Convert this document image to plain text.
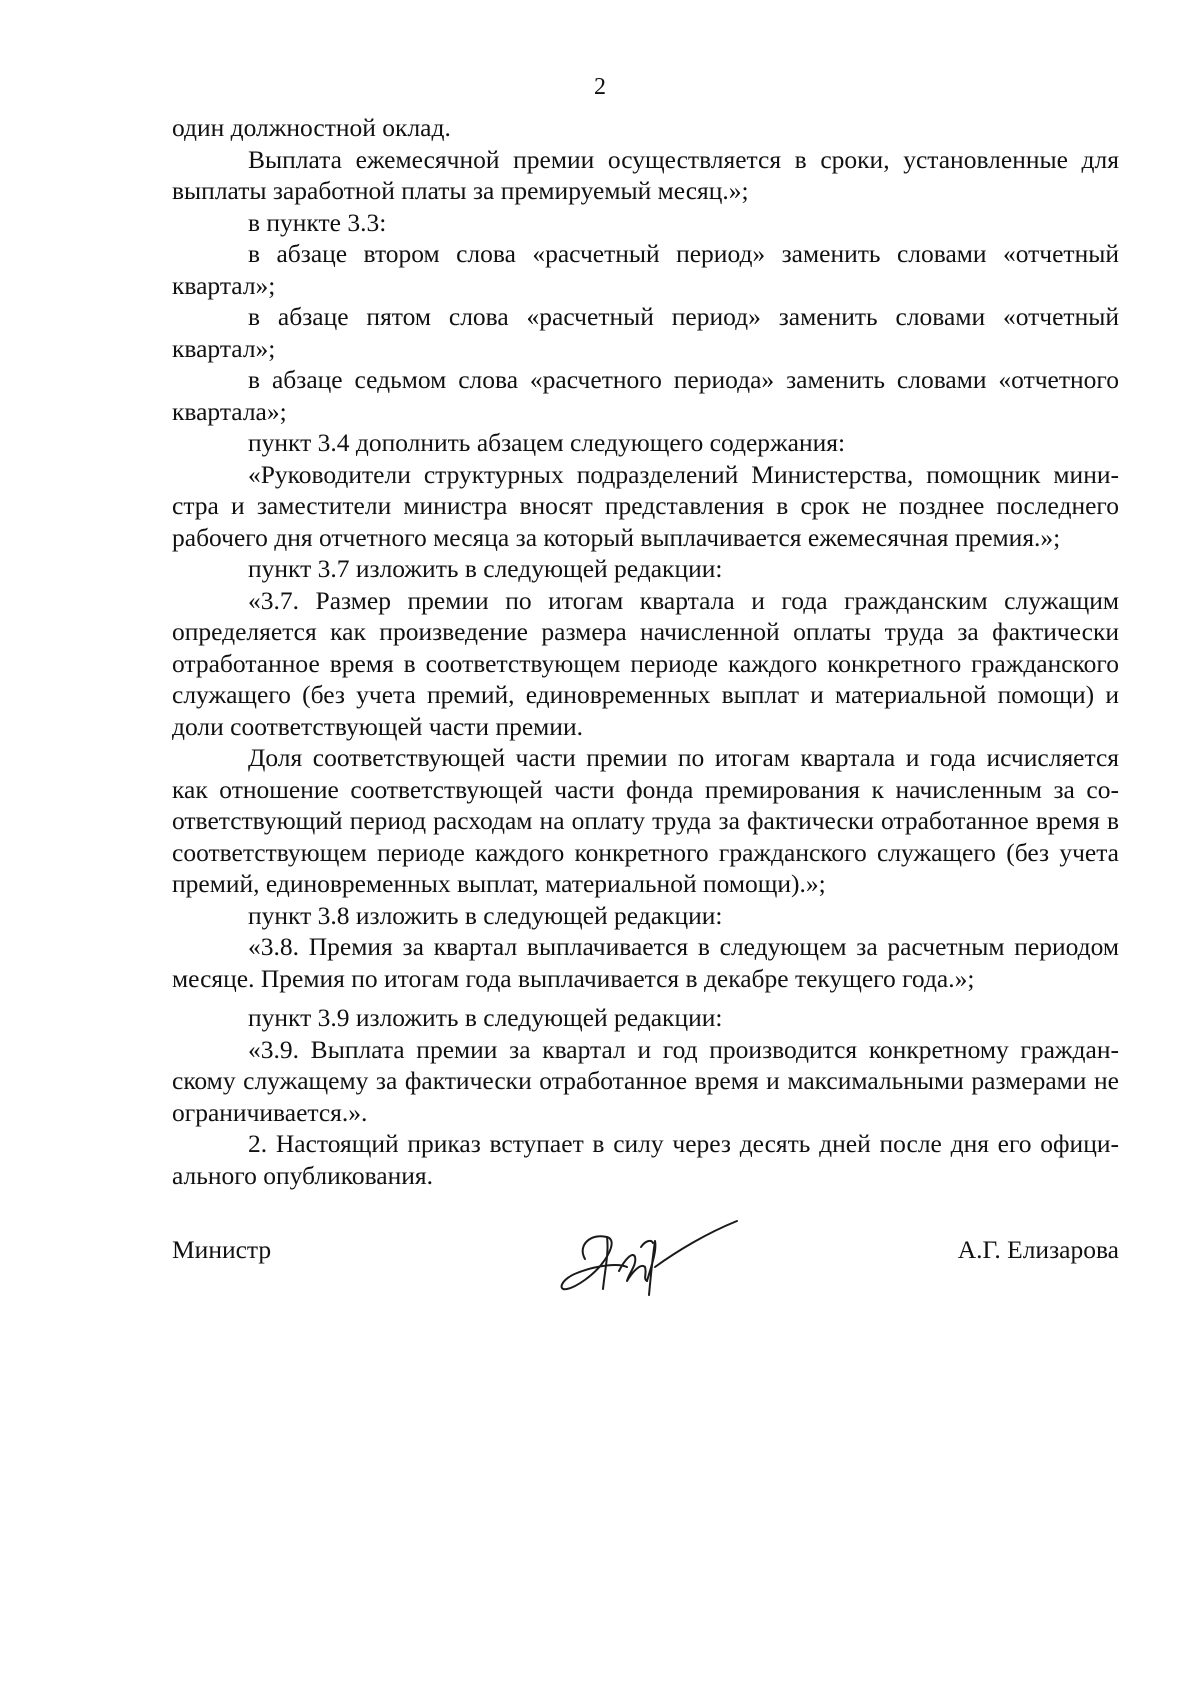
2

один должностной оклад.

Выплата ежемесячной премии осуществляется в сроки, установленные для выплаты заработной платы за премируемый месяц.»;

в пункте 3.3:

в абзаце втором слова «расчетный период» заменить словами «отчетный квартал»;

в абзаце пятом слова «расчетный период» заменить словами «отчетный квартал»;

в абзаце седьмом слова «расчетного периода» заменить словами «отчетного квартала»;

пункт 3.4 дополнить абзацем следующего содержания:

«Руководители структурных подразделений Министерства, помощник министра и заместители министра вносят представления в срок не позднее последнего рабочего дня отчетного месяца за который выплачивается ежемесячная премия.»;

пункт 3.7 изложить в следующей редакции:

«3.7. Размер премии по итогам квартала и года гражданским служащим определяется как произведение размера начисленной оплаты труда за фактически отработанное время в соответствующем периоде каждого конкретного гражданского служащего (без учета премий, единовременных выплат и материальной помощи) и доли соответствующей части премии.

Доля соответствующей части премии по итогам квартала и года исчисляется как отношение соответствующей части фонда премирования к начисленным за соответствующий период расходам на оплату труда за фактически отработанное время в соответствующем периоде каждого конкретного гражданского служащего (без учета премий, единовременных выплат, материальной помощи).»;

пункт 3.8 изложить в следующей редакции:

«3.8. Премия за квартал выплачивается в следующем за расчетным периодом месяце. Премия по итогам года выплачивается в декабре текущего года.»;

пункт 3.9 изложить в следующей редакции:

«3.9. Выплата премии за квартал и год производится конкретному гражданскому служащему за фактически отработанное время и максимальными размерами не ограничивается.».

2. Настоящий приказ вступает в силу через десять дней после дня его официального опубликования.

Министр	А.Г. Елизарова
